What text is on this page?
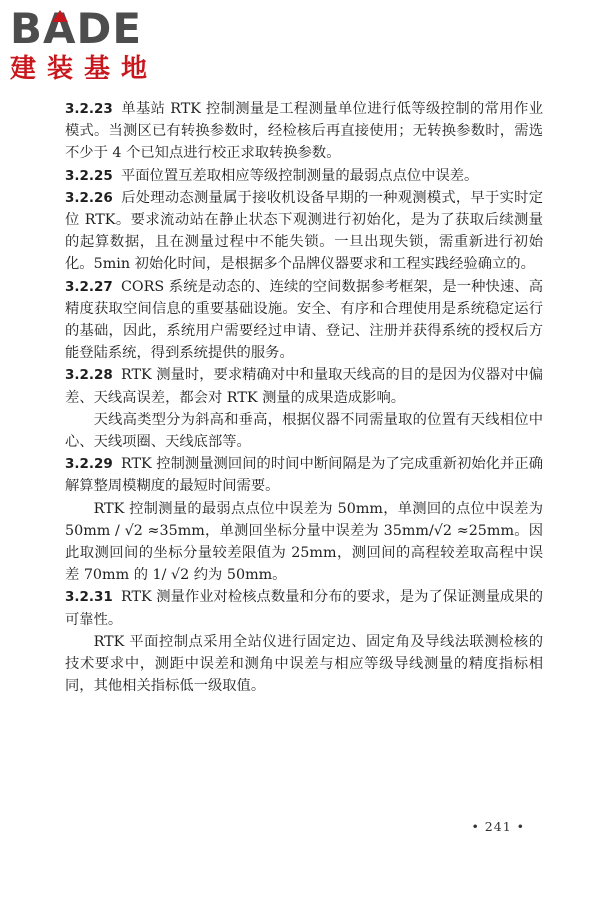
B A DE
建装基地

3.2.23 单基站 RTK 控制测量是工程测量单位进行低等级控制的常用作业模式。当测区已有转换参数时，经检核后再直接使用；无转换参数时，需选不少于 4 个已知点进行校正求取转换参数。

3.2.25 平面位置互差取相应等级控制测量的最弱点点位中误差。

3.2.26 后处理动态测量属于接收机设备早期的一种观测模式，早于实时定位 RTK。要求流动站在静止状态下观测进行初始化，是为了获取后续测量的起算数据，且在测量过程中不能失锁。一旦出现失锁，需重新进行初始化。5min 初始化时间，是根据多个品牌仪器要求和工程实践经验确立的。

3.2.27 CORS 系统是动态的、连续的空间数据参考框架，是一种快速、高精度获取空间信息的重要基础设施。安全、有序和合理使用是系统稳定运行的基础，因此，系统用户需要经过申请、登记、注册并获得系统的授权后方能登陆系统，得到系统提供的服务。

3.2.28 RTK 测量时，要求精确对中和量取天线高的目的是因为仪器对中偏差、天线高误差，都会对 RTK 测量的成果造成影响。

天线高类型分为斜高和垂高，根据仪器不同需量取的位置有天线相位中心、天线项圈、天线底部等。

3.2.29 RTK 控制测量测回间的时间中断间隔是为了完成重新初始化并正确解算整周模糊度的最短时间需要。

RTK 控制测量的最弱点点位中误差为 50mm，单测回的点位中误差为 50mm / √2 ≈35mm，单测回坐标分量中误差为 35mm/√2 ≈25mm。因此取测回间的坐标分量较差限值为 25mm，测回间的高程较差取高程中误差 70mm 的 1/ √2 约为 50mm。

3.2.31 RTK 测量作业对检核点数量和分布的要求，是为了保证测量成果的可靠性。

RTK 平面控制点采用全站仪进行固定边、固定角及导线法联测检核的技术要求中，测距中误差和测角中误差与相应等级导线测量的精度指标相同，其他相关指标低一级取值。

• 241 •
